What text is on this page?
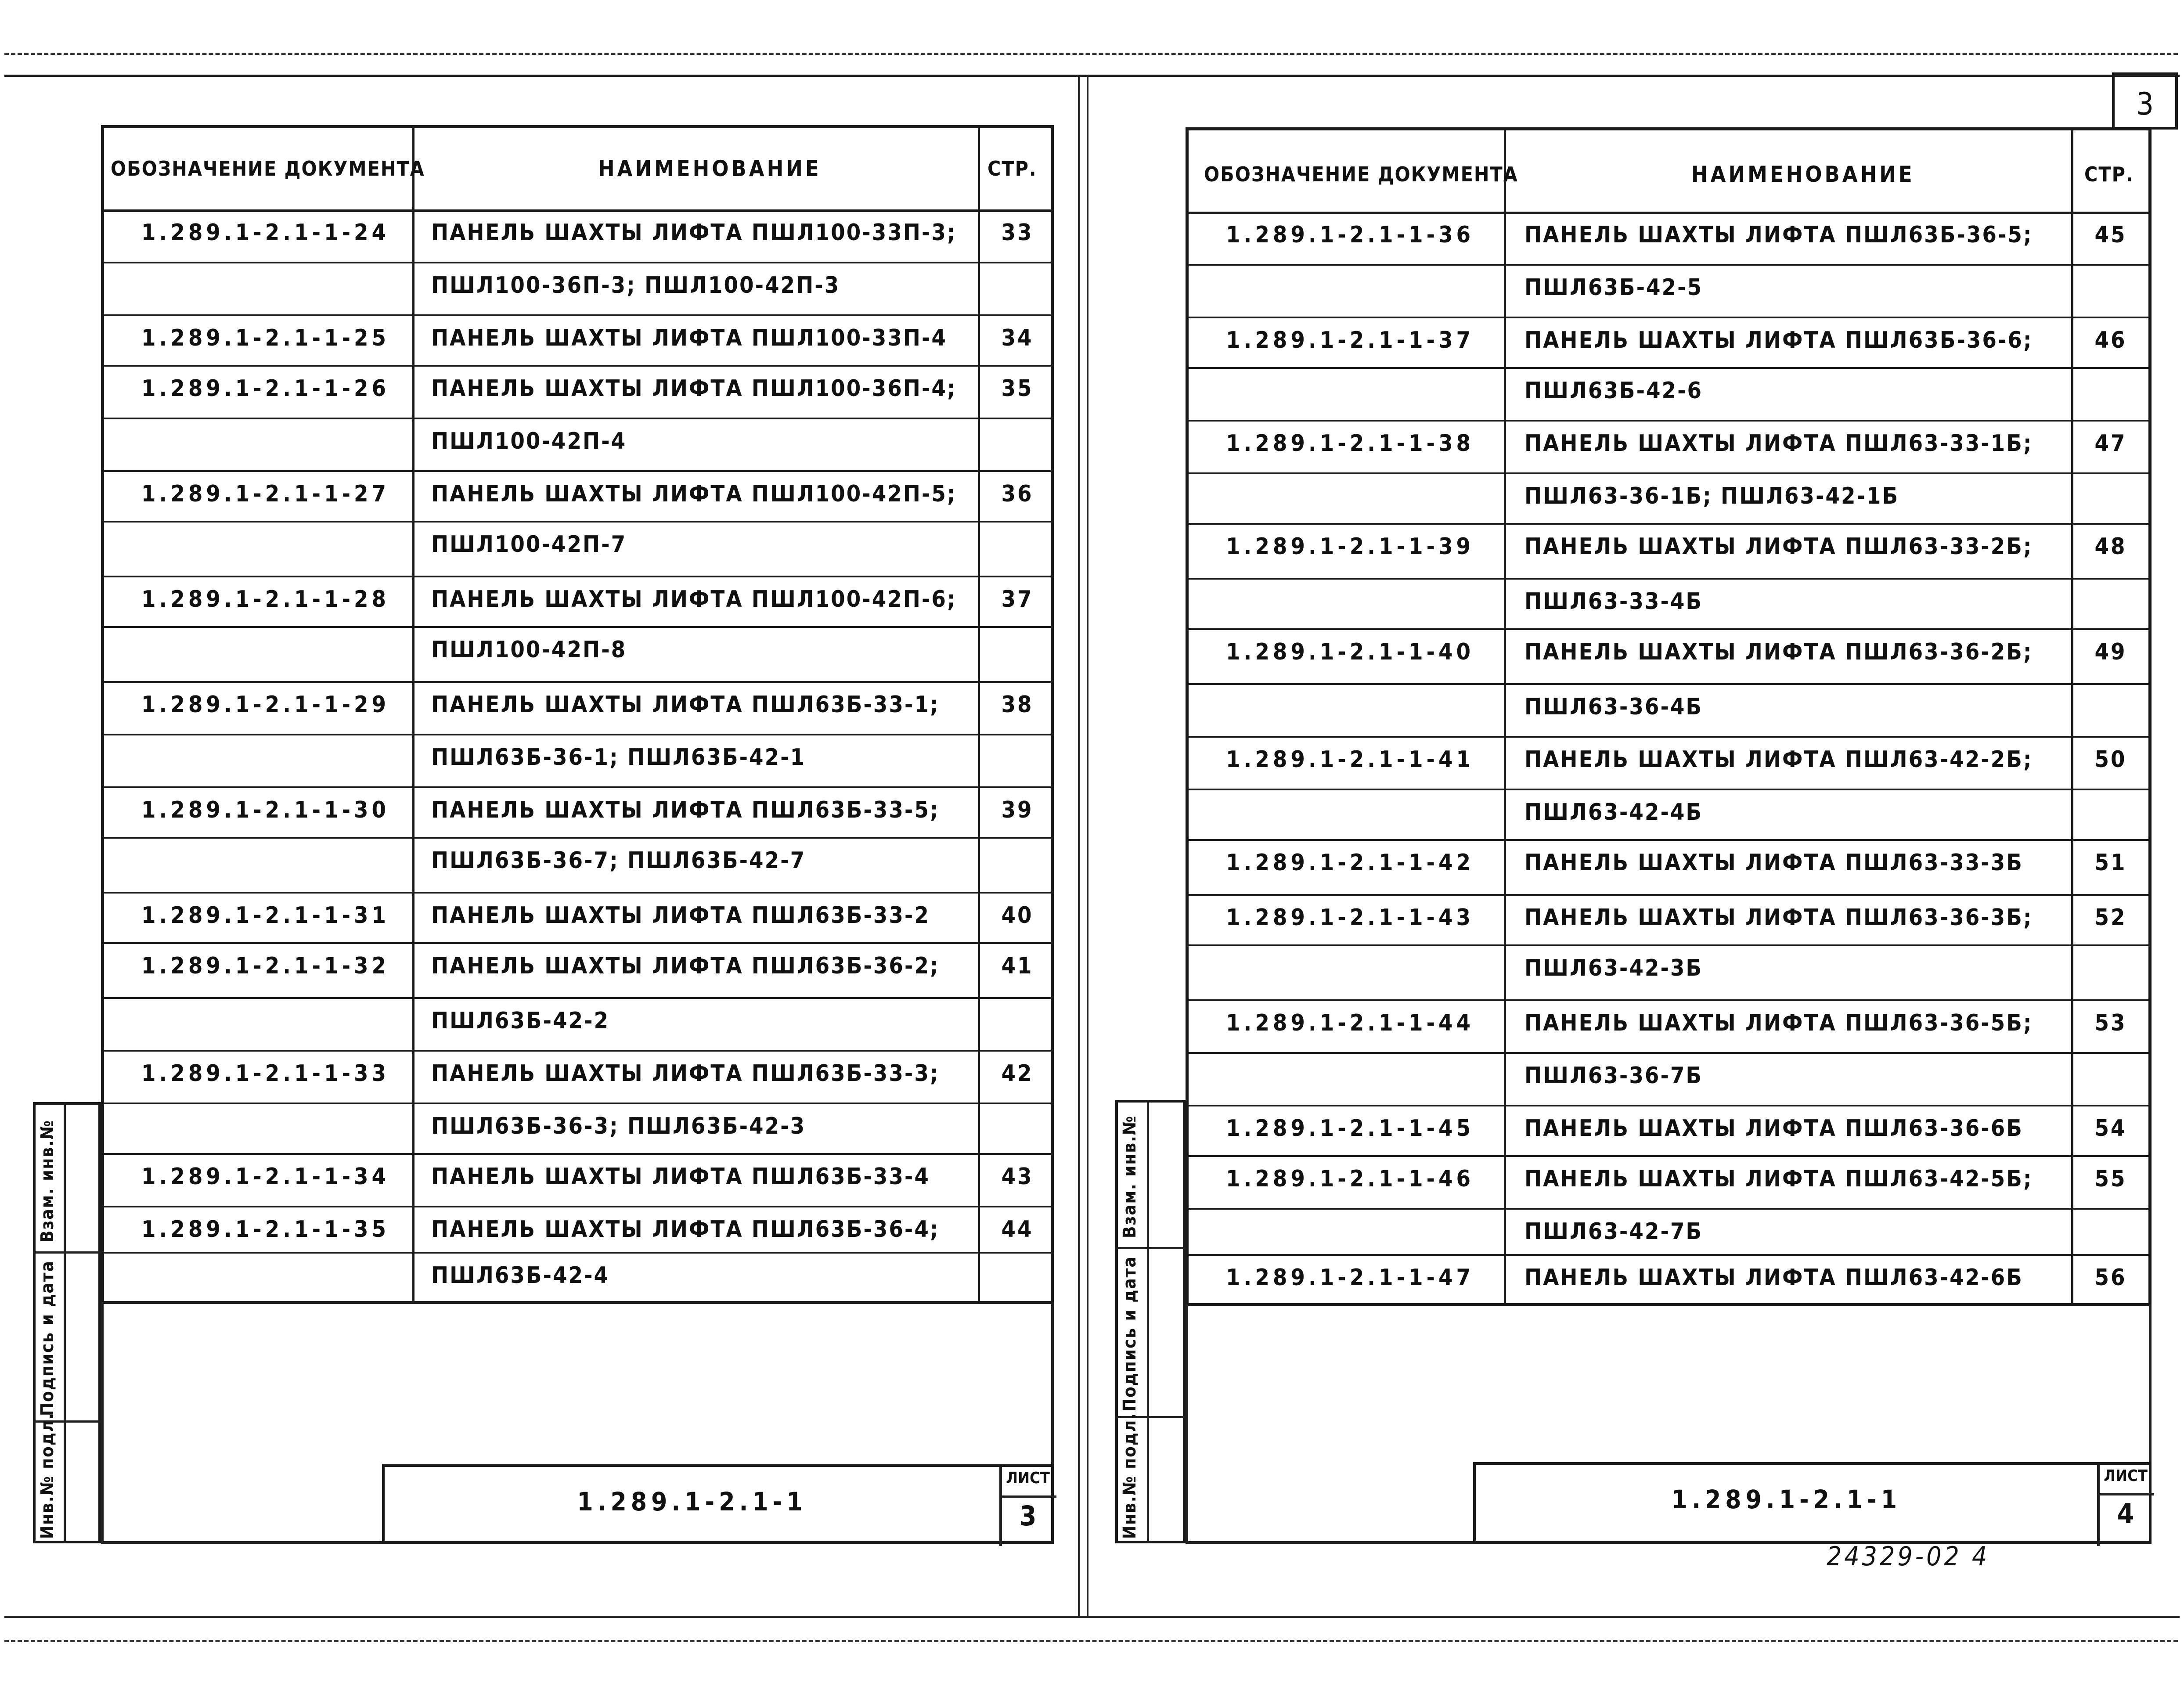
3
ОБОЗНАЧЕНИЕ ДОКУМЕНТА	НАИМЕНОВАНИЕ	СТР.
1.289.1-2.1-1-24 ПАНЕЛЬ ШАХТЫ ЛИФТА ПШЛ100-33П-3;	33
ПШЛ100-36П-3; ПШЛ100-42П-3
1.289.1-2.1-1-25 ПАНЕЛЬ ШАХТЫ ЛИФТА ПШЛ100-33П-4	34
1.289.1-2.1-1-26 ПАНЕЛЬ ШАХТЫ ЛИФТА ПШЛ100-36П-4;	35
ПШЛ100-42П-4
1.289.1-2.1-1-27 ПАНЕЛЬ ШАХТЫ ЛИФТА ПШЛ100-42П-5;	36
ПШЛ100-42П-7
1.289.1-2.1-1-28 ПАНЕЛЬ ШАХТЫ ЛИФТА ПШЛ100-42П-6;	37
ПШЛ100-42П-8
1.289.1-2.1-1-29 ПАНЕЛЬ ШАХТЫ ЛИФТА ПШЛ63Б-33-1;	38
ПШЛ63Б-36-1; ПШЛ63Б-42-1
1.289.1-2.1-1-30 ПАНЕЛЬ ШАХТЫ ЛИФТА ПШЛ63Б-33-5;	39
ПШЛ63Б-36-7; ПШЛ63Б-42-7
1.289.1-2.1-1-31 ПАНЕЛЬ ШАХТЫ ЛИФТА ПШЛ63Б-33-2	40
1.289.1-2.1-1-32 ПАНЕЛЬ ШАХТЫ ЛИФТА ПШЛ63Б-36-2;	41
ПШЛ63Б-42-2
1.289.1-2.1-1-33 ПАНЕЛЬ ШАХТЫ ЛИФТА ПШЛ63Б-33-3;	42
ПШЛ63Б-36-3; ПШЛ63Б-42-3
1.289.1-2.1-1-34 ПАНЕЛЬ ШАХТЫ ЛИФТА ПШЛ63Б-33-4	43
1.289.1-2.1-1-35 ПАНЕЛЬ ШАХТЫ ЛИФТА ПШЛ63Б-36-4;	44
ПШЛ63Б-42-4
Взам. инв.№
Подпись и дата
Инв.№ подл.	1.289.1-2.1-1
ЛИСТ
3
ОБОЗНАЧЕНИЕ ДОКУМЕНТА	НАИМЕНОВАНИЕ	СТР.
1.289.1-2.1-1-36 ПАНЕЛЬ ШАХТЫ ЛИФТА ПШЛ63Б-36-5;	45
ПШЛ63Б-42-5
1.289.1-2.1-1-37 ПАНЕЛЬ ШАХТЫ ЛИФТА ПШЛ63Б-36-6;	46
ПШЛ63Б-42-6
1.289.1-2.1-1-38 ПАНЕЛЬ ШАХТЫ ЛИФТА ПШЛ63-33-1Б;	47
ПШЛ63-36-1Б; ПШЛ63-42-1Б
1.289.1-2.1-1-39 ПАНЕЛЬ ШАХТЫ ЛИФТА ПШЛ63-33-2Б;	48
ПШЛ63-33-4Б
1.289.1-2.1-1-40 ПАНЕЛЬ ШАХТЫ ЛИФТА ПШЛ63-36-2Б;	49
ПШЛ63-36-4Б
1.289.1-2.1-1-41 ПАНЕЛЬ ШАХТЫ ЛИФТА ПШЛ63-42-2Б;	50
ПШЛ63-42-4Б
1.289.1-2.1-1-42 ПАНЕЛЬ ШАХТЫ ЛИФТА ПШЛ63-33-3Б	51
1.289.1-2.1-1-43 ПАНЕЛЬ ШАХТЫ ЛИФТА ПШЛ63-36-3Б;	52
ПШЛ63-42-3Б
1.289.1-2.1-1-44 ПАНЕЛЬ ШАХТЫ ЛИФТА ПШЛ63-36-5Б;	53
ПШЛ63-36-7Б
1.289.1-2.1-1-45 ПАНЕЛЬ ШАХТЫ ЛИФТА ПШЛ63-36-6Б	54
1.289.1-2.1-1-46 ПАНЕЛЬ ШАХТЫ ЛИФТА ПШЛ63-42-5Б;	55
ПШЛ63-42-7Б
1.289.1-2.1-1-47 ПАНЕЛЬ ШАХТЫ ЛИФТА ПШЛ63-42-6Б	56
Взам. инв.№
Подпись и дата
Инв.№ подл.	1.289.1-2.1-1
ЛИСТ
4
24329-02 4
